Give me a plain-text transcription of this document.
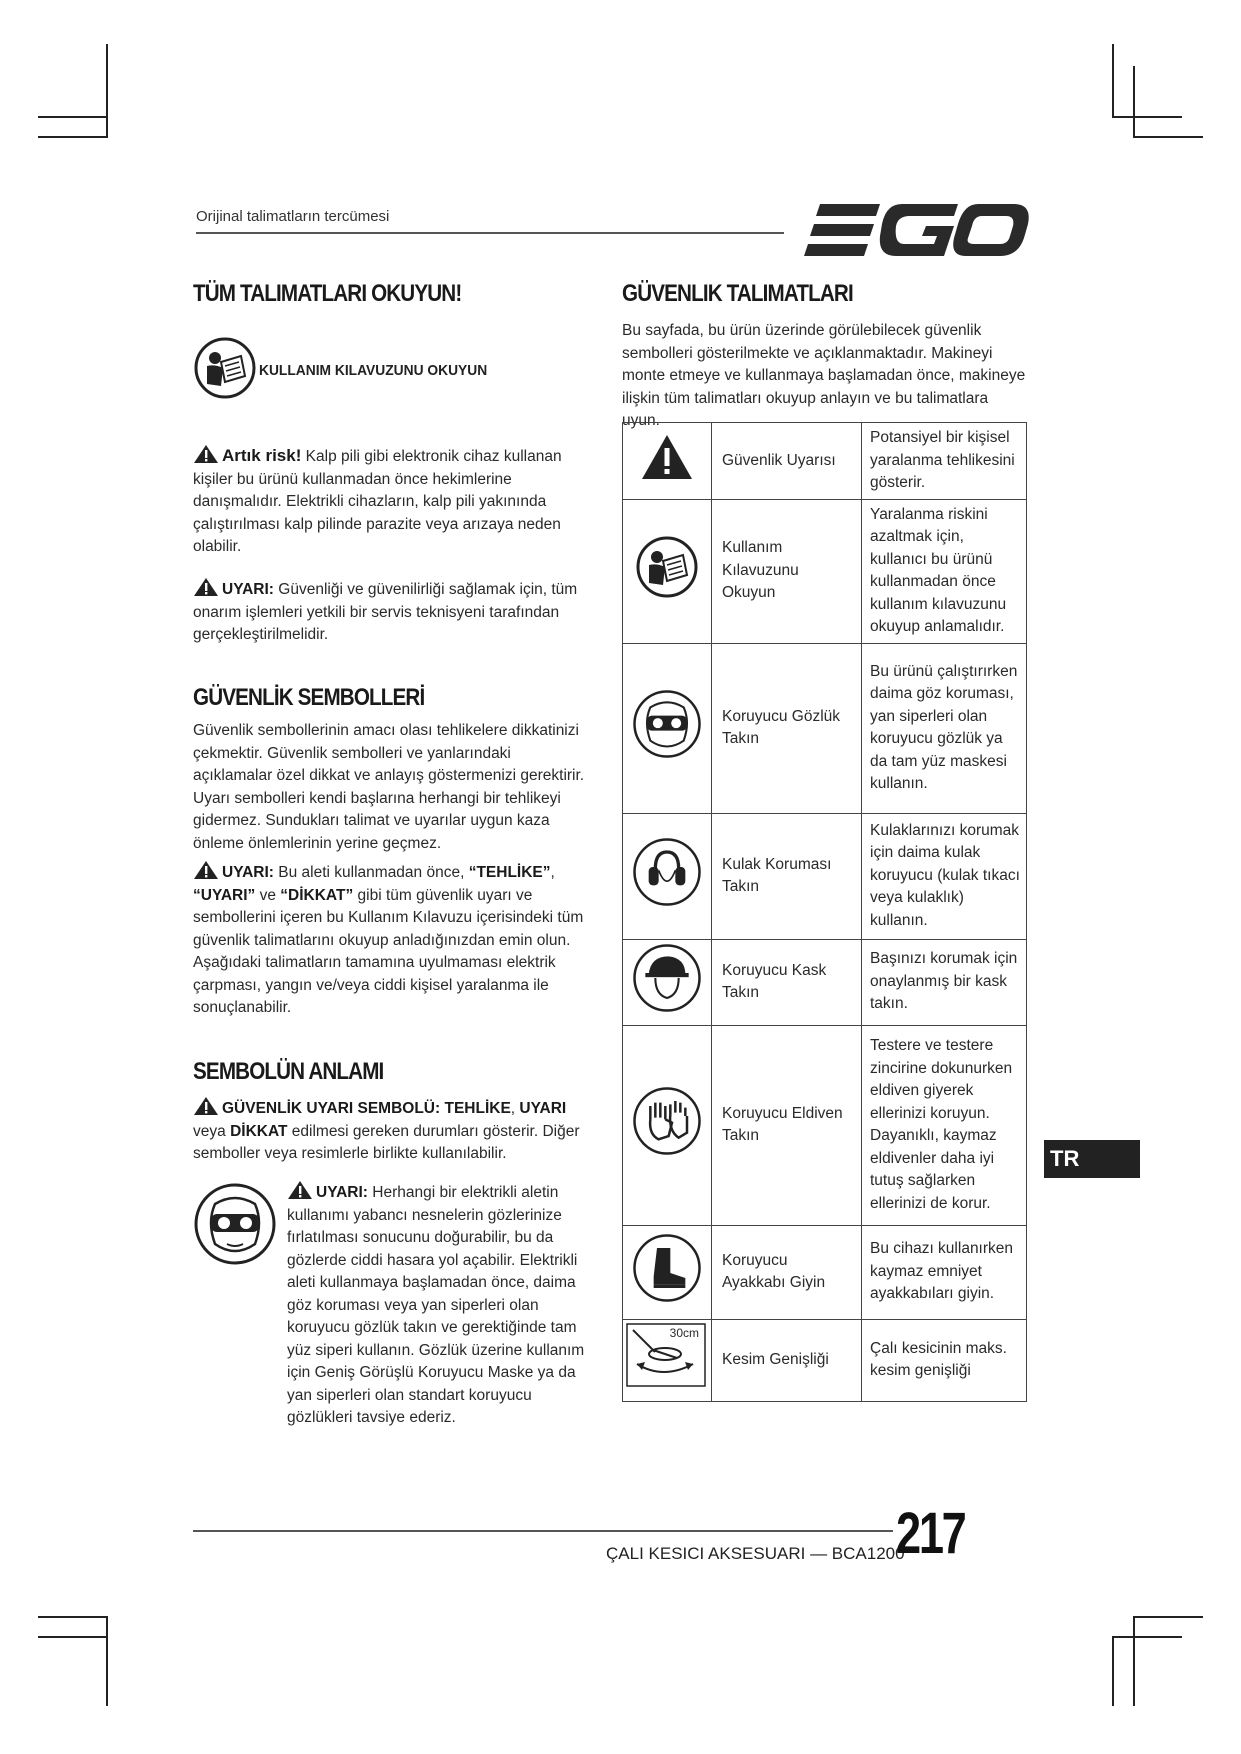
Orijinal talimatların tercümesi
TÜM TALIMATLARI OKUYUN!
KULLANIM KILAVUZUNU OKUYUN

Artık risk! Kalp pili gibi elektronik cihaz kullanan kişiler bu ürünü kullanmadan önce hekimlerine danışmalıdır. Elektrikli cihazların, kalp pili yakınında çalıştırılması kalp pilinde parazite veya arızaya neden olabilir.

UYARI: Güvenliği ve güvenilirliği sağlamak için, tüm onarım işlemleri yetkili bir servis teknisyeni tarafından gerçekleştirilmelidir.

GÜVENLİK SEMBOLLERİ

Güvenlik sembollerinin amacı olası tehlikelere dikkatinizi çekmektir. Güvenlik sembolleri ve yanlarındaki açıklamalar özel dikkat ve anlayış göstermenizi gerektirir. Uyarı sembolleri kendi başlarına herhangi bir tehlikeyi gidermez. Sundukları talimat ve uyarılar uygun kaza önleme önlemlerinin yerine geçmez.

UYARI: Bu aleti kullanmadan önce, “TEHLİKE”, “UYARI” ve “DİKKAT” gibi tüm güvenlik uyarı ve sembollerini içeren bu Kullanım Kılavuzu içerisindeki tüm güvenlik talimatlarını okuyup anladığınızdan emin olun. Aşağıdaki talimatların tamamına uyulmaması elektrik çarpması, yangın ve/veya ciddi kişisel yaralanma ile sonuçlanabilir.

SEMBOLÜN ANLAMI

GÜVENLİK UYARI SEMBOLÜ: TEHLİKE, UYARI veya DİKKAT edilmesi gereken durumları gösterir. Diğer semboller veya resimlerle birlikte kullanılabilir.

UYARI: Herhangi bir elektrikli aletin kullanımı yabancı nesnelerin gözlerinize fırlatılması sonucunu doğurabilir, bu da gözlerde ciddi hasara yol açabilir. Elektrikli aleti kullanmaya başlamadan önce, daima göz koruması veya yan siperleri olan koruyucu gözlük takın ve gerektiğinde tam yüz siperi kullanın. Gözlük üzerine kullanım için Geniş Görüşlü Koruyucu Maske ya da yan siperleri olan standart koruyucu gözlükleri tavsiye ederiz.

GÜVENLIK TALIMATLARI

Bu sayfada, bu ürün üzerinde görülebilecek güvenlik sembolleri gösterilmekte ve açıklanmaktadır. Makineyi monte etmeye ve kullanmaya başlamadan önce, makineye ilişkin tüm talimatları okuyup anlayın ve bu talimatlara uyun.

	Güvenlik Uyarısı	Potansiyel bir kişisel yaralanma tehlikesini gösterir.
	Kullanım Kılavuzunu Okuyun	Yaralanma riskini azaltmak için, kullanıcı bu ürünü kullanmadan önce kullanım kılavuzunu okuyup anlamalıdır.
	Koruyucu Gözlük Takın	Bu ürünü çalıştırırken daima göz koruması, yan siperleri olan koruyucu gözlük ya da tam yüz maskesi kullanın.
	Kulak Koruması Takın	Kulaklarınızı korumak için daima kulak koruyucu (kulak tıkacı veya kulaklık) kullanın.
	Koruyucu Kask Takın	Başınızı korumak için onaylanmış bir kask takın.
	Koruyucu Eldiven Takın	Testere ve testere zincirine dokunurken eldiven giyerek ellerinizi koruyun. Dayanıklı, kaymaz eldivenler daha iyi tutuş sağlarken ellerinizi de korur.
	Koruyucu Ayakkabı Giyin	Bu cihazı kullanırken kaymaz emniyet ayakkabıları giyin.

30cm	Kesim Genişliği	Çalı kesicinin maks. kesim genişliği
TR
ÇALI KESICI AKSESUARI — BCA1200
217
